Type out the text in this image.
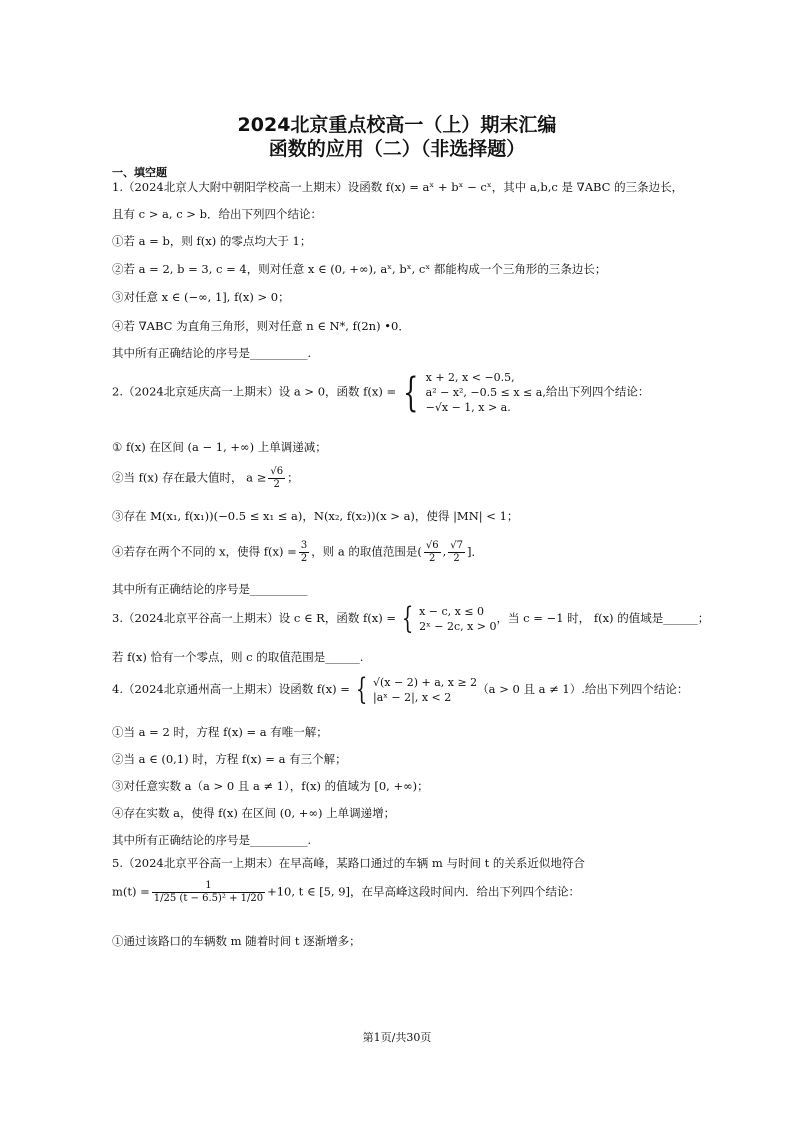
2024北京重点校高一（上）期末汇编
函数的应用（二）（非选择题）
一、填空题
1.（2024北京人大附中朝阳学校高一上期末）设函数 f(x) = aˣ + bˣ − cˣ，其中 a,b,c 是 ∇ABC 的三条边长，
且有 c > a, c > b．给出下列四个结论：
①若 a = b，则 f(x) 的零点均大于 1；
②若 a = 2, b = 3, c = 4，则对任意 x ∈ (0, +∞), aˣ, bˣ, cˣ 都能构成一个三角形的三条边长；
③对任意 x ∈ (−∞, 1], f(x) > 0；
④若 ∇ABC 为直角三角形，则对任意 n ∈ N*, f(2n) •0．
其中所有正确结论的序号是__________.
2.（2024北京延庆高一上期末）设 a > 0，函数 f(x) = { x + 2, x < −0.5,
a² − x², −0.5 ≤ x ≤ a,
−√x − 1, x > a.
给出下列四个结论：
① f(x) 在区间 (a − 1, +∞) 上单调递减；
②当 f(x) 存在最大值时， $a \ge \frac{√6}{2}$ ；
③存在 M(x₁, f(x₁))(−0.5 ≤ x₁ ≤ a)，N(x₂, f(x₂))(x > a)，使得 |MN| < 1；
④若存在两个不同的 x，使得 $f(x) = \frac{3}{2}$ ，则 a 的取值范围是( $\frac{√6}{2}$ , $\frac{√7}{2}$ ]．
其中所有正确结论的序号是__________
3.（2024北京平谷高一上期末）设 c ∈ R，函数 f(x) = { x − c, x ≤ 0
2ˣ − 2c, x > 0
，当 c = −1 时， f(x) 的值域是______；
若 f(x) 恰有一个零点，则 c 的取值范围是______.
4.（2024北京通州高一上期末）设函数 f(x) = { √(x − 2) + a, x ≥ 2
|aˣ − 2|, x < 2
（a > 0 且 a ≠ 1）.给出下列四个结论：
①当 a = 2 时，方程 f(x) = a 有唯一解；
②当 a ∈ (0,1) 时，方程 f(x) = a 有三个解；
③对任意实数 a（a > 0 且 a ≠ 1），f(x) 的值域为 [0, +∞)；
④存在实数 a，使得 f(x) 在区间 (0, +∞) 上单调递增；
其中所有正确结论的序号是__________.
5.（2024北京平谷高一上期末）在早高峰，某路口通过的车辆 m 与时间 t 的关系近似地符合
$m(t) = \frac{1}{\text{1/25 (t − 6.5)² + 1/20}} +10$, t ∈ [5, 9]，在早高峰这段时间内．给出下列四个结论：
①通过该路口的车辆数 m 随着时间 t 逐渐增多；
第1页/共30页
